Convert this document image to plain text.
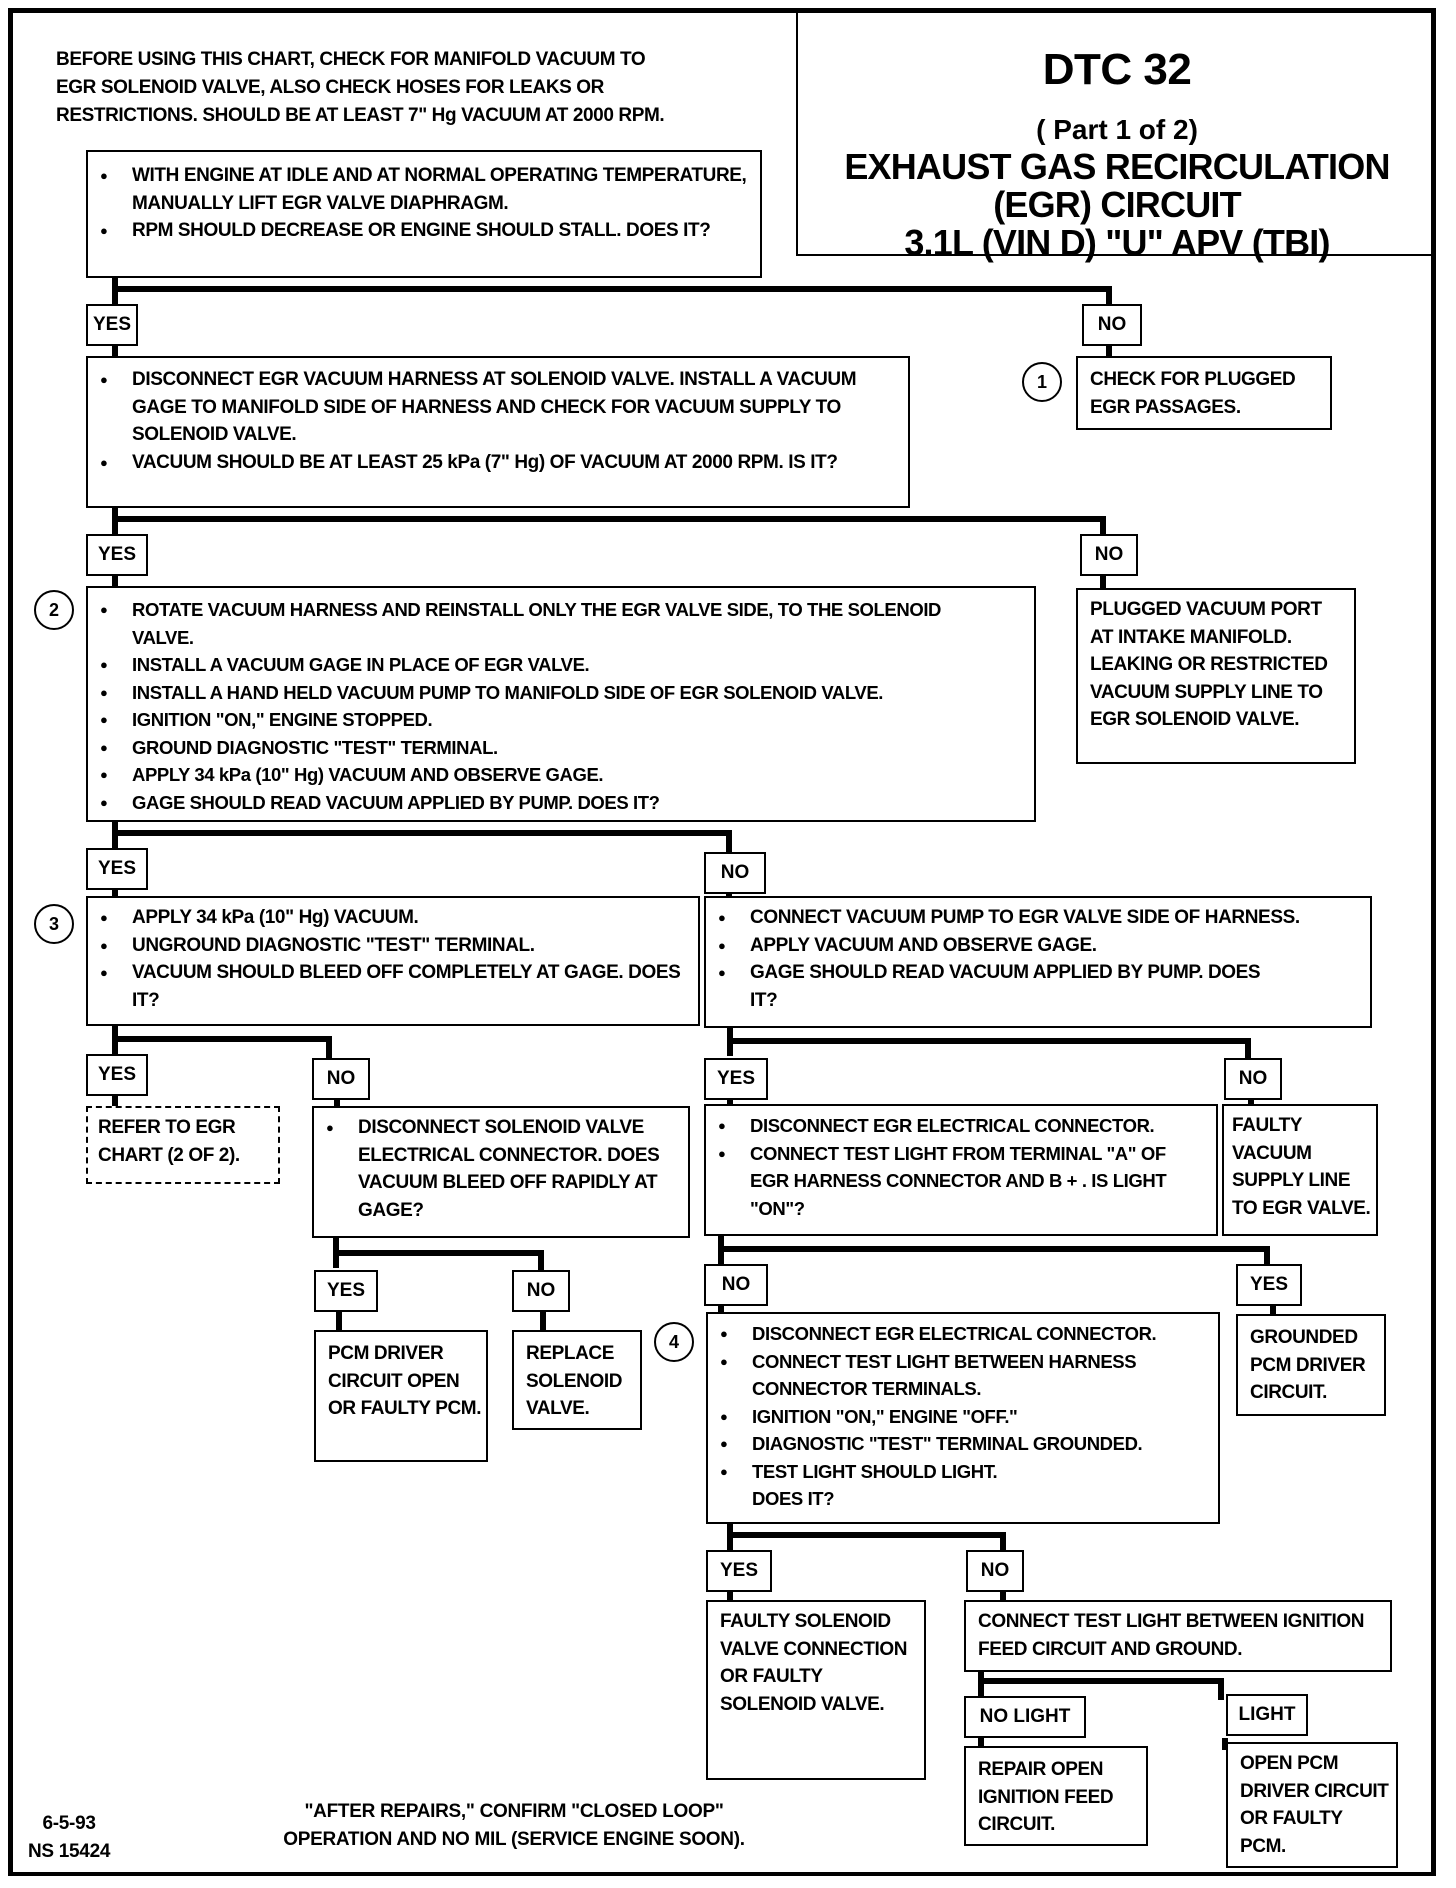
DTC 32
( Part 1 of 2)
EXHAUST GAS RECIRCULATION
(EGR) CIRCUIT
3.1L (VIN D) "U" APV (TBI)
BEFORE USING THIS CHART, CHECK FOR MANIFOLD VACUUM TO
EGR SOLENOID VALVE, ALSO CHECK HOSES FOR LEAKS OR
RESTRICTIONS. SHOULD BE AT LEAST 7" Hg VACUUM AT 2000 RPM.
● WITH ENGINE AT IDLE AND AT NORMAL OPERATING TEMPERATURE, MANUALLY LIFT EGR VALVE DIAPHRAGM.
● RPM SHOULD DECREASE OR ENGINE SHOULD STALL. DOES IT?
YES	NO
1	CHECK FOR PLUGGED EGR PASSAGES.
● DISCONNECT EGR VACUUM HARNESS AT SOLENOID VALVE. INSTALL A VACUUM GAGE TO MANIFOLD SIDE OF HARNESS AND CHECK FOR VACUUM SUPPLY TO SOLENOID VALVE.
● VACUUM SHOULD BE AT LEAST 25 kPa (7" Hg) OF VACUUM AT 2000 RPM. IS IT?
YES	NO
PLUGGED VACUUM PORT AT INTAKE MANIFOLD. LEAKING OR RESTRICTED VACUUM SUPPLY LINE TO EGR SOLENOID VALVE.
2	● ROTATE VACUUM HARNESS AND REINSTALL ONLY THE EGR VALVE SIDE, TO THE SOLENOID VALVE.
● INSTALL A VACUUM GAGE IN PLACE OF EGR VALVE.
● INSTALL A HAND HELD VACUUM PUMP TO MANIFOLD SIDE OF EGR SOLENOID VALVE.
● IGNITION "ON," ENGINE STOPPED.
● GROUND DIAGNOSTIC "TEST" TERMINAL.
● APPLY 34 kPa (10" Hg) VACUUM AND OBSERVE GAGE.
● GAGE SHOULD READ VACUUM APPLIED BY PUMP. DOES IT?
YES	NO
3	● APPLY 34 kPa (10" Hg) VACUUM.
● UNGROUND DIAGNOSTIC "TEST" TERMINAL.
● VACUUM SHOULD BLEED OFF COMPLETELY AT GAGE. DOES IT?
● CONNECT VACUUM PUMP TO EGR VALVE SIDE OF HARNESS.
● APPLY VACUUM AND OBSERVE GAGE.
● GAGE SHOULD READ VACUUM APPLIED BY PUMP. DOES IT?
YES	NO
REFER TO EGR CHART (2 OF 2).
● DISCONNECT SOLENOID VALVE ELECTRICAL CONNECTOR. DOES VACUUM BLEED OFF RAPIDLY AT GAGE?
YES	NO
PCM DRIVER CIRCUIT OPEN OR FAULTY PCM.
REPLACE SOLENOID VALVE.
YES	NO
● DISCONNECT EGR ELECTRICAL CONNECTOR.
● CONNECT TEST LIGHT FROM TERMINAL "A" OF EGR HARNESS CONNECTOR AND B + . IS LIGHT "ON"?
FAULTY VACUUM SUPPLY LINE TO EGR VALVE.
NO	YES
4	● DISCONNECT EGR ELECTRICAL CONNECTOR.
● CONNECT TEST LIGHT BETWEEN HARNESS CONNECTOR TERMINALS.
● IGNITION "ON," ENGINE "OFF."
● DIAGNOSTIC "TEST" TERMINAL GROUNDED.
● TEST LIGHT SHOULD LIGHT. DOES IT?
GROUNDED PCM DRIVER CIRCUIT.
YES	NO
FAULTY SOLENOID VALVE CONNECTION OR FAULTY SOLENOID VALVE.
CONNECT TEST LIGHT BETWEEN IGNITION FEED CIRCUIT AND GROUND.
NO LIGHT	LIGHT
REPAIR OPEN IGNITION FEED CIRCUIT.
OPEN PCM DRIVER CIRCUIT OR FAULTY PCM.
6-5-93
NS 15424
"AFTER REPAIRS," CONFIRM "CLOSED LOOP"
OPERATION AND NO MIL (SERVICE ENGINE SOON).
